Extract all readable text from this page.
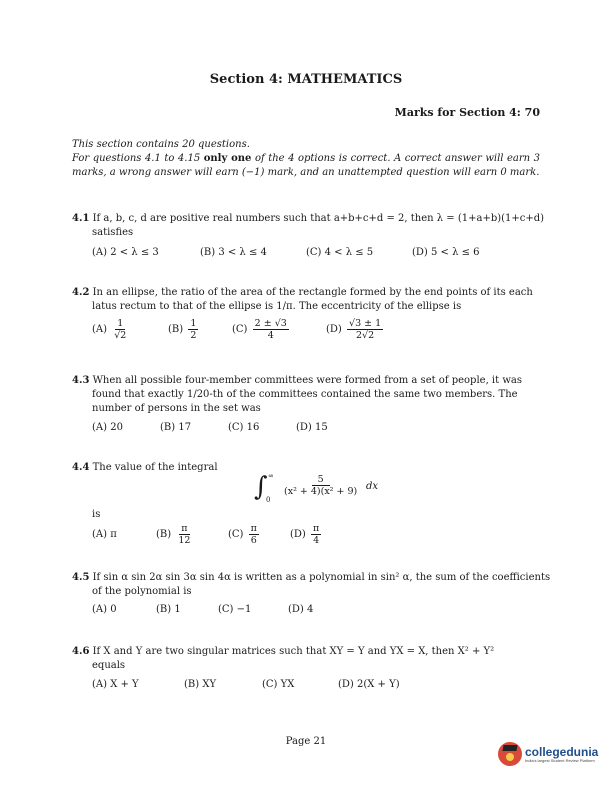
Section 4: MATHEMATICS
Marks for Section 4: 70
This section contains 20 questions.
For questions 4.1 to 4.15 only one of the 4 options is correct. A correct answer will earn 3 marks, a wrong answer will earn (−1) mark, and an unattempted question will earn 0 mark.
4.1 If a, b, c, d are positive real numbers such that a+b+c+d = 2, then λ = (1+a+b)(1+c+d)
satisfies
(A) 2 < λ ≤ 3	(B) 3 < λ ≤ 4	(C) 4 < λ ≤ 5	(D) 5 < λ ≤ 6
4.2 In an ellipse, the ratio of the area of the rectangle formed by the end points of its each
latus rectum to that of the ellipse is 1/π. The eccentricity of the ellipse is
$(A) \frac{1}{√2}$	$(B) \frac{1}{2}$	$(C) \frac{2 \pm √3}{4}$	$(D) \frac{√3 \pm 1}{2√2}$
4.3 When all possible four-member committees were formed from a set of people, it was
found that exactly 1/20-th of the committees contained the same two members. The
number of persons in the set was
(A) 20	(B) 17	(C) 16	(D) 15
4.4 The value of the integral
∫ ∞
0
$\frac{5}{\text{(x² + 4)(x² + 9)}}$ dx
is
(A) π	$(B) \frac{\pi}{12}$	$(C) \frac{\pi}{6}$	$(D) \frac{\pi}{4}$
4.5 If sin α sin 2α sin 3α sin 4α is written as a polynomial in sin² α, the sum of the coefficients
of the polynomial is
(A) 0	(B) 1	(C) −1	(D) 4
4.6 If X and Y are two singular matrices such that XY = Y and YX = X, then X² + Y²
equals
(A) X + Y	(B) XY	(C) YX	(D) 2(X + Y)
Page 21
collegedunia
India's largest Student Review Platform
